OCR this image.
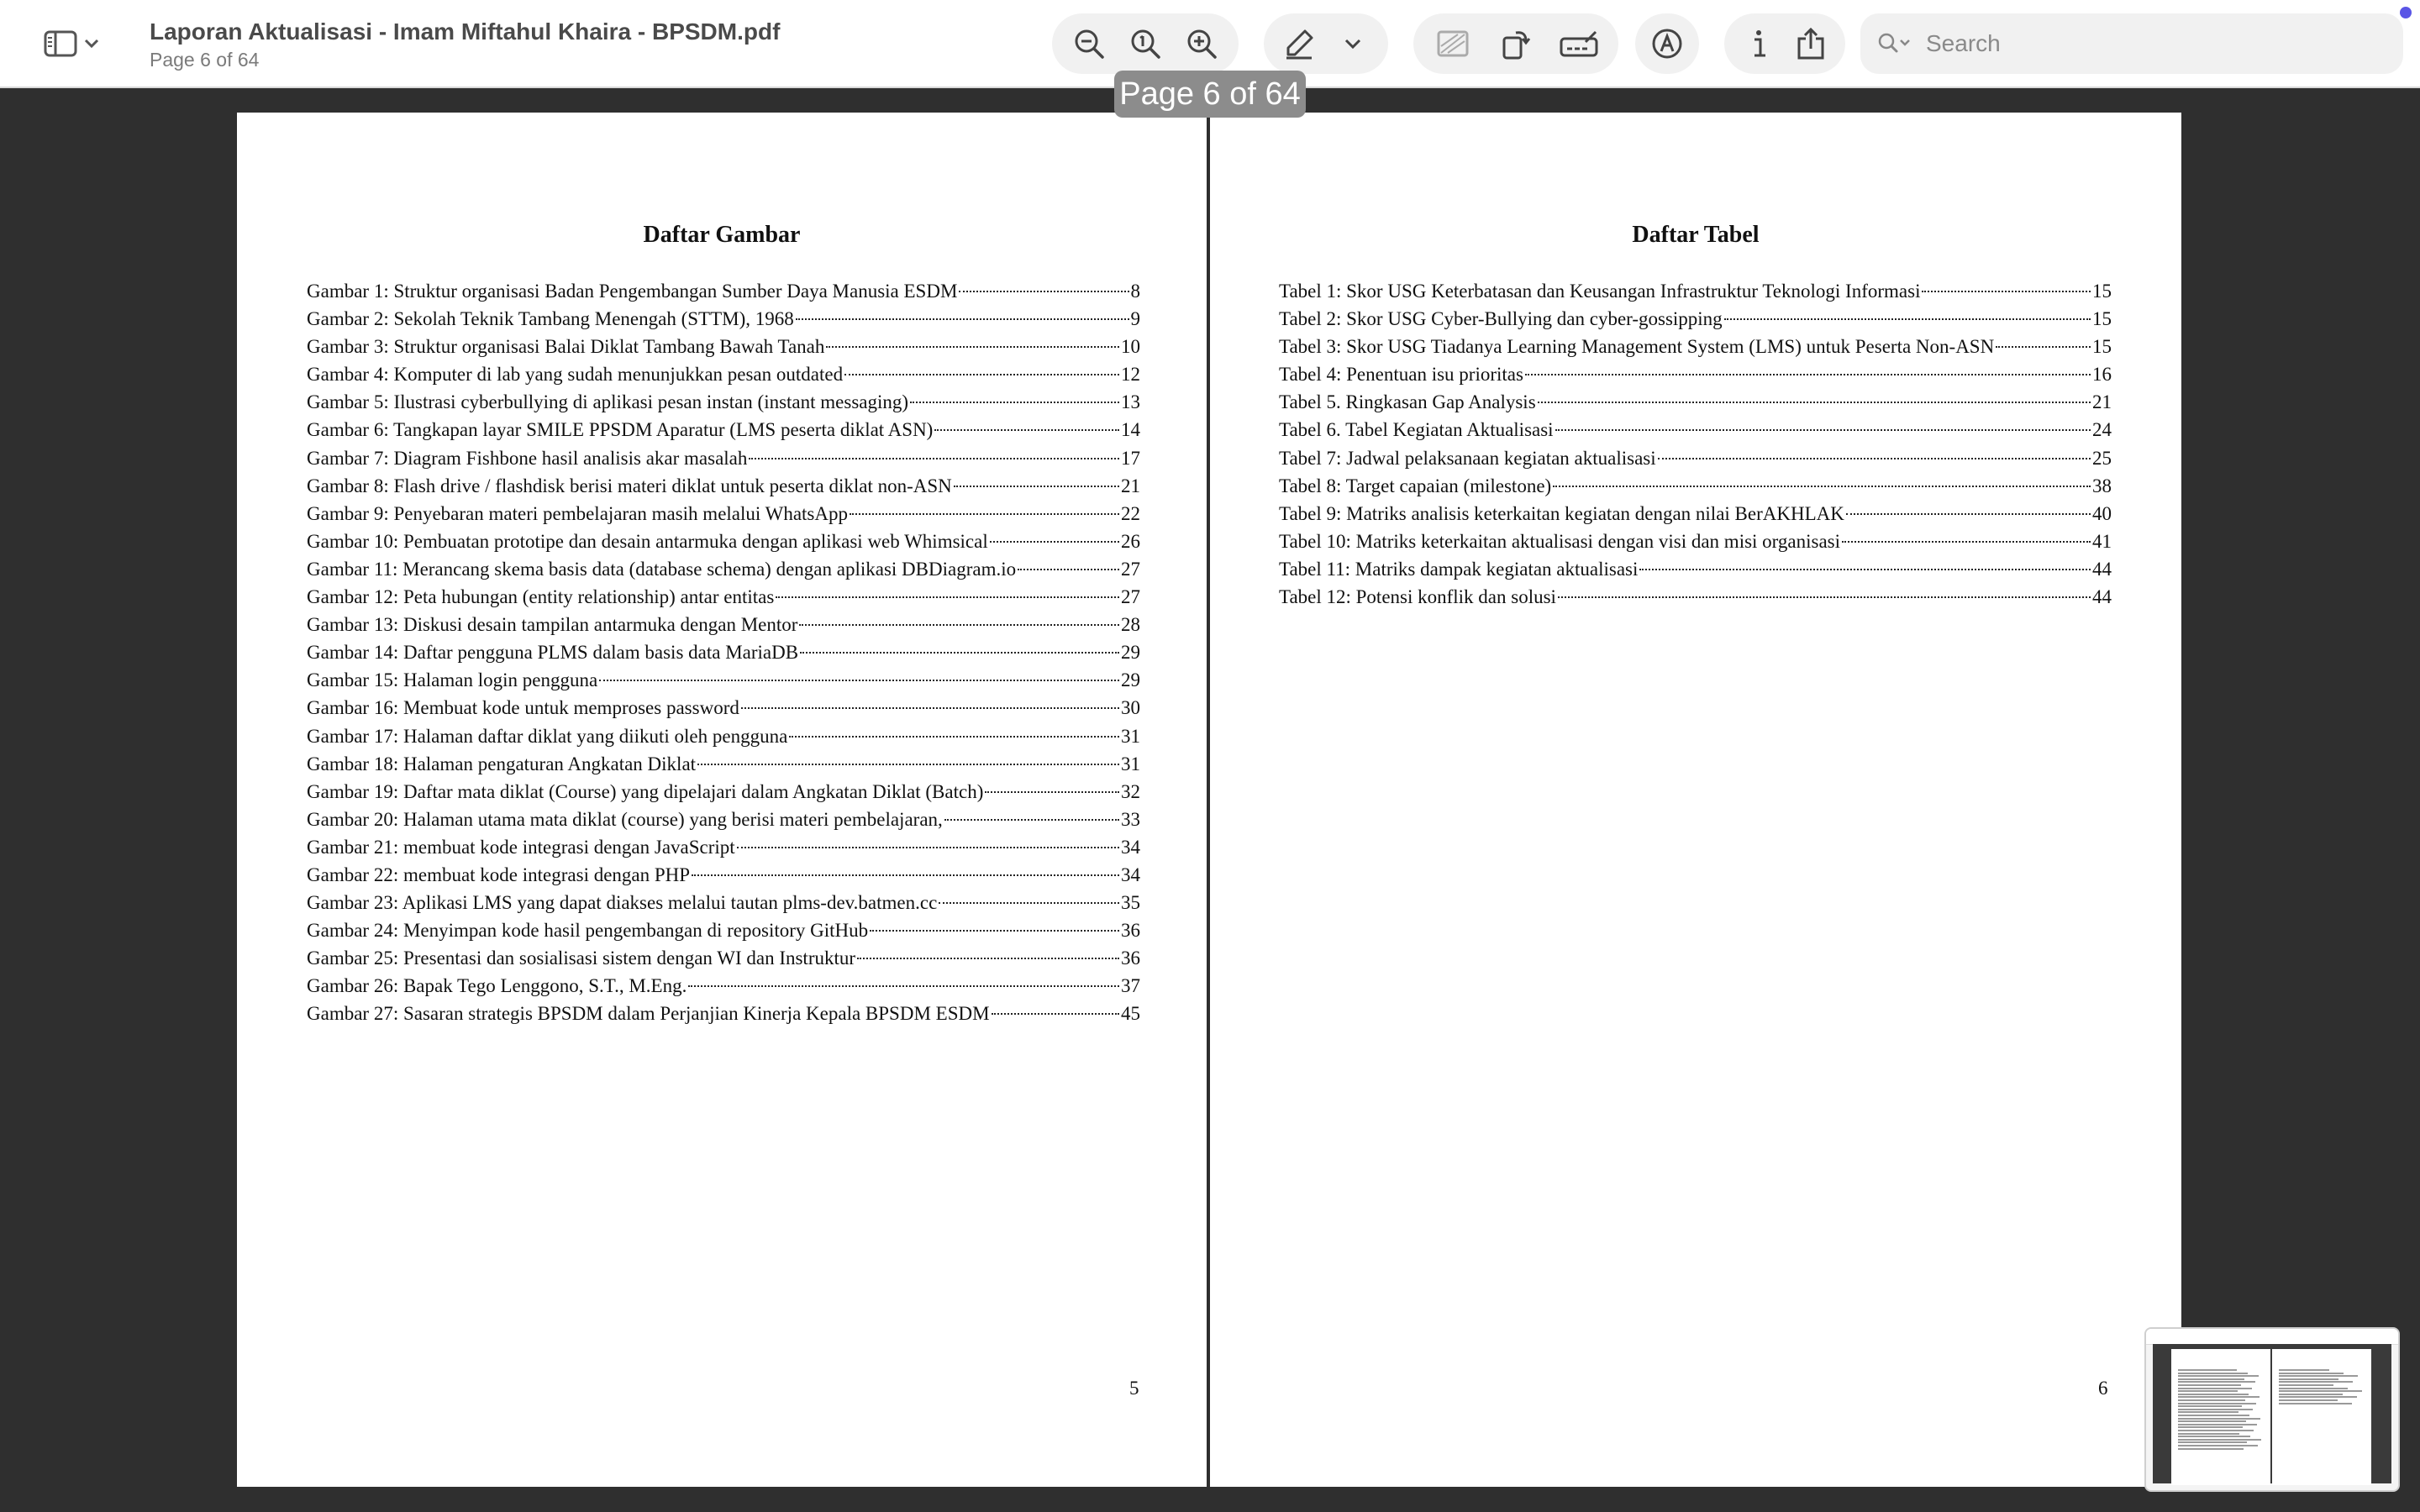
Laporan Aktualisasi - Imam Miftahul Khaira - BPSDM.pdf
Page 6 of 64
Search
Page 6 of 64
Daftar Gambar
Gambar 1: Struktur organisasi Badan Pengembangan Sumber Daya Manusia ESDM	8
Gambar 2: Sekolah Teknik Tambang Menengah (STTM), 1968	9
Gambar 3: Struktur organisasi Balai Diklat Tambang Bawah Tanah	10
Gambar 4: Komputer di lab yang sudah menunjukkan pesan outdated	12
Gambar 5: Ilustrasi cyberbullying di aplikasi pesan instan (instant messaging)	13
Gambar 6: Tangkapan layar SMILE PPSDM Aparatur (LMS peserta diklat ASN)	14
Gambar 7: Diagram Fishbone hasil analisis akar masalah	17
Gambar 8: Flash drive / flashdisk berisi materi diklat untuk peserta diklat non-ASN	21
Gambar 9: Penyebaran materi pembelajaran masih melalui WhatsApp	22
Gambar 10: Pembuatan prototipe dan desain antarmuka dengan aplikasi web Whimsical	26
Gambar 11: Merancang skema basis data (database schema) dengan aplikasi DBDiagram.io	27
Gambar 12: Peta hubungan (entity relationship) antar entitas	27
Gambar 13: Diskusi desain tampilan antarmuka dengan Mentor	28
Gambar 14: Daftar pengguna PLMS dalam basis data MariaDB	29
Gambar 15: Halaman login pengguna	29
Gambar 16: Membuat kode untuk memproses password	30
Gambar 17: Halaman daftar diklat yang diikuti oleh pengguna	31
Gambar 18: Halaman pengaturan Angkatan Diklat	31
Gambar 19: Daftar mata diklat (Course) yang dipelajari dalam Angkatan Diklat (Batch)	32
Gambar 20: Halaman utama mata diklat (course) yang berisi materi pembelajaran,	33
Gambar 21: membuat kode integrasi dengan JavaScript	34
Gambar 22: membuat kode integrasi dengan PHP	34
Gambar 23: Aplikasi LMS yang dapat diakses melalui tautan plms-dev.batmen.cc	35
Gambar 24: Menyimpan kode hasil pengembangan di repository GitHub	36
Gambar 25: Presentasi dan sosialisasi sistem dengan WI dan Instruktur	36
Gambar 26: Bapak Tego Lenggono, S.T., M.Eng.	37
Gambar 27: Sasaran strategis BPSDM dalam Perjanjian Kinerja Kepala BPSDM ESDM	45
5
Daftar Tabel
Tabel 1: Skor USG Keterbatasan dan Keusangan Infrastruktur Teknologi Informasi	15
Tabel 2: Skor USG Cyber-Bullying dan cyber-gossipping	15
Tabel 3: Skor USG Tiadanya Learning Management System (LMS) untuk Peserta Non-ASN	15
Tabel 4: Penentuan isu prioritas	16
Tabel 5. Ringkasan Gap Analysis	21
Tabel 6. Tabel Kegiatan Aktualisasi	24
Tabel 7: Jadwal pelaksanaan kegiatan aktualisasi	25
Tabel 8: Target capaian (milestone)	38
Tabel 9: Matriks analisis keterkaitan kegiatan dengan nilai BerAKHLAK	40
Tabel 10: Matriks keterkaitan aktualisasi dengan visi dan misi organisasi	41
Tabel 11: Matriks dampak kegiatan aktualisasi	44
Tabel 12: Potensi konflik dan solusi	44
6
